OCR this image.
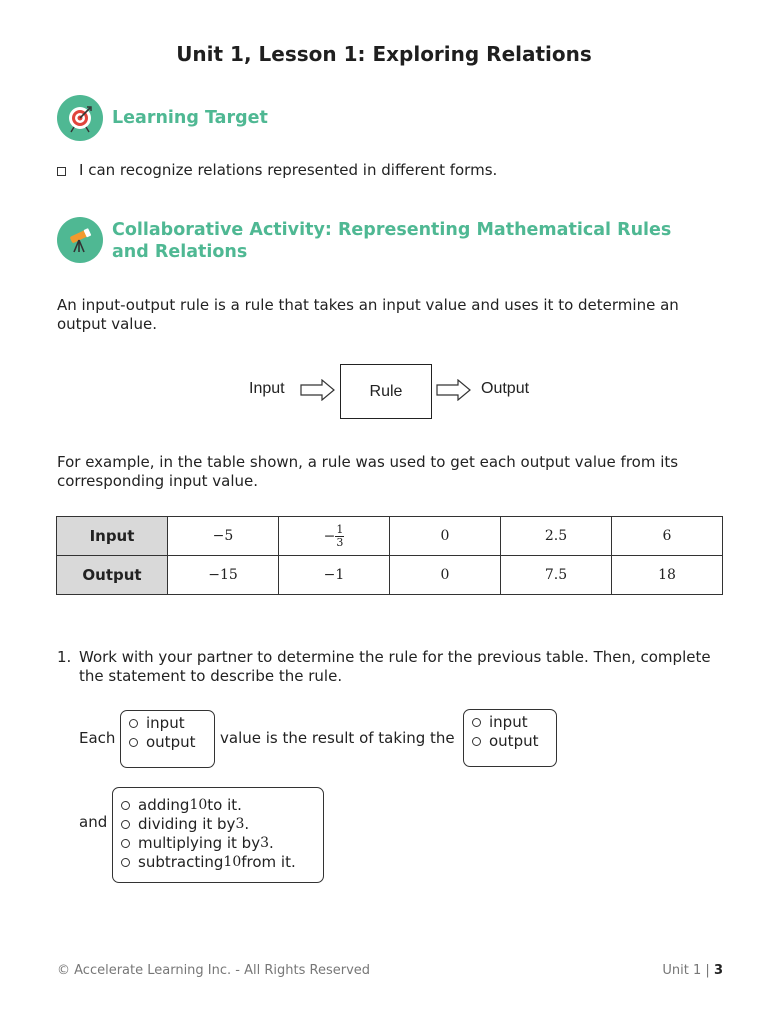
Unit 1, Lesson 1: Exploring Relations
Learning Target
I can recognize relations represented in different forms.
Collaborative Activity: Representing Mathematical Rules
and Relations
An input-output rule is a rule that takes an input value and uses it to determine an
output value.
Input	Rule	Output
For example, in the table shown, a rule was used to get each output value from its
corresponding input value.
Input	−5	− $\frac{1}{3}$	0	2.5	6
Output	−15	−1	0	7.5	18
1. Work with your partner to determine the rule for the previous table. Then, complete
the statement to describe the rule.
Each
input
output value is the result of taking the
input
output
and
adding 10 to it.
dividing it by 3 .
multiplying it by 3 .
subtracting 10 from it.
© Accelerate Learning Inc. - All Rights Reserved	Unit 1 | 3
